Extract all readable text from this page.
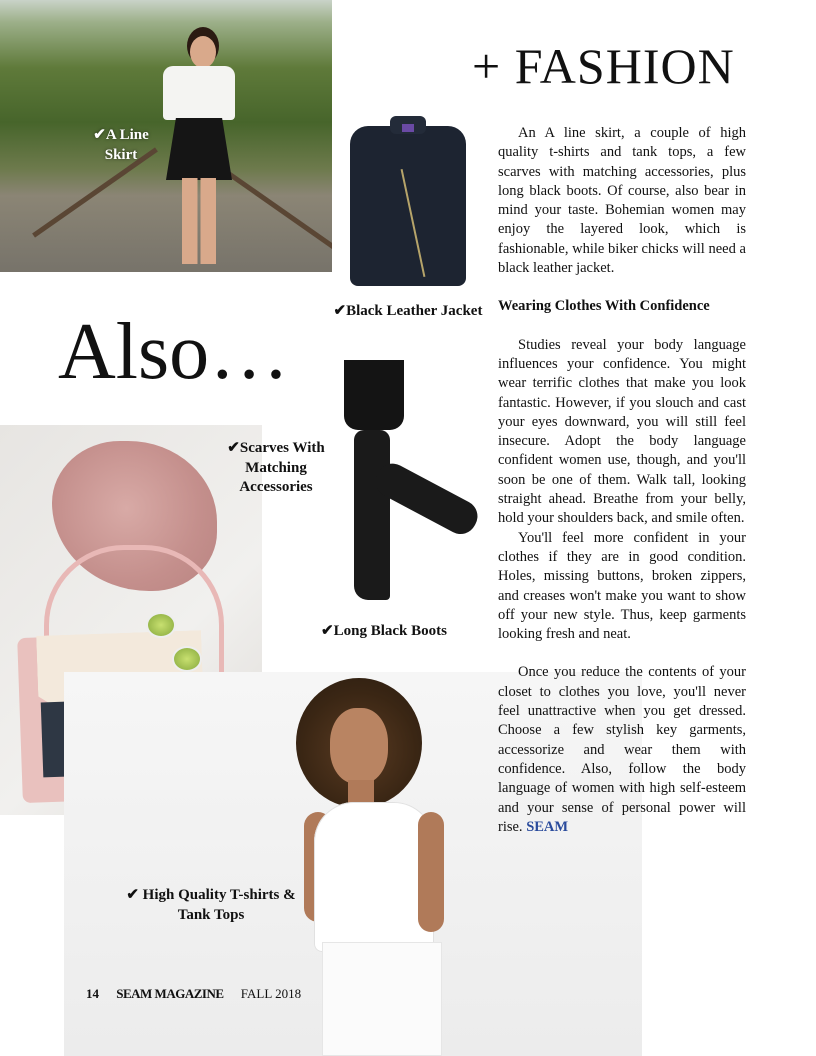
+ FASHION
Also…
✔A Line Skirt
✔Black Leather Jacket
✔Scarves With Matching Accessories
✔Long Black Boots
✔ High Quality T-shirts & Tank Tops

An A line skirt, a couple of high quality t-shirts and tank tops, a few scarves with matching accessories, plus long black boots. Of course, also bear in mind your taste. Bohemian women may enjoy the layered look, which is fashionable, while biker chicks will need a black leather jacket.

Wearing Clothes With Confidence

Studies reveal your body language influences your confidence. You might wear terrific clothes that make you look fantastic. However, if you slouch and cast your eyes downward, you will still feel insecure. Adopt the body language confident women use, though, and you'll soon be one of them. Walk tall, looking straight ahead. Breathe from your belly, hold your shoulders back, and smile often.

You'll feel more confident in your clothes if they are in good condition. Holes, missing buttons, broken zippers, and creases won't make you want to show off your new style. Thus, keep garments looking fresh and neat.

Once you reduce the contents of your closet to clothes you love, you'll never feel unattractive when you get dressed. Choose a few stylish key garments, accessorize and wear them with confidence. Also, follow the body language of women with high self-esteem and your sense of personal power will rise. SEAM

14 SEAM MAGAZINE FALL 2018
